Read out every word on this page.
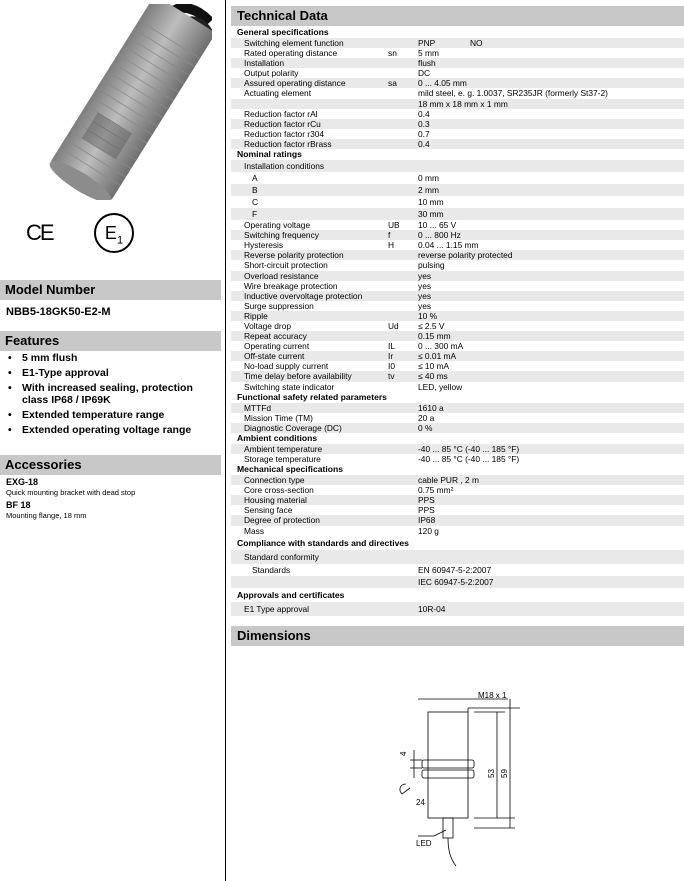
CE	$E_1$
Model Number
NBB5-18GK50-E2-M
Features
• 5 mm flush
• E1-Type approval
• With increased sealing, protection class IP68 / IP69K
• Extended temperature range
• Extended operating voltage range
Accessories
EXG-18
Quick mounting bracket with dead stop
BF 18
Mounting flange, 18 mm
Technical Data
General specifications
Switching element function	PNP	NO
Rated operating distance	sn	5 mm
Installation	flush
Output polarity	DC
Assured operating distance	sa	0 ... 4.05 mm
Actuating element	mild steel, e. g. 1.0037, SR235JR (formerly St37-2)
18 mm x 18 mm x 1 mm
Reduction factor rAl	0.4
Reduction factor rCu	0.3
Reduction factor r304	0.7
Reduction factor rBrass	0.4
Nominal ratings
Installation conditions
A	0 mm
B	2 mm
C	10 mm
F	30 mm
Operating voltage	UB 10 ... 65 V
Switching frequency	f	0 ... 800 Hz
Hysteresis	H	0.04 ... 1.15 mm
Reverse polarity protection	reverse polarity protected
Short-circuit protection	pulsing
Overload resistance	yes
Wire breakage protection	yes
Inductive overvoltage protection	yes
Surge suppression	yes
Ripple	10 %
Voltage drop	Ud ≤ 2.5 V
Repeat accuracy	0.15 mm
Operating current	IL	0 ... 300 mA
Off-state current	Ir	≤ 0.01 mA
No-load supply current	I0	≤ 10 mA
Time delay before availability	tv	≤ 40 ms
Switching state indicator	LED, yellow
Functional safety related parameters
MTTFd	1610 a
Mission Time (TM)	20 a
Diagnostic Coverage (DC)	0 %
Ambient conditions
Ambient temperature	-40 ... 85 °C (-40 ... 185 °F)
Storage temperature	-40 ... 85 °C (-40 ... 185 °F)
Mechanical specifications
Connection type	cable PUR , 2 m
Core cross-section	0.75 mm²
Housing material	PPS
Sensing face	PPS
Degree of protection	IP68
Mass	120 g
Compliance with standards and directives
Standard conformity
Standards	EN 60947-5-2:2007
IEC 60947-5-2:2007
Approvals and certificates
E1 Type approval	10R-04
Dimensions
M18 x 1
4
53 59
24
LED
